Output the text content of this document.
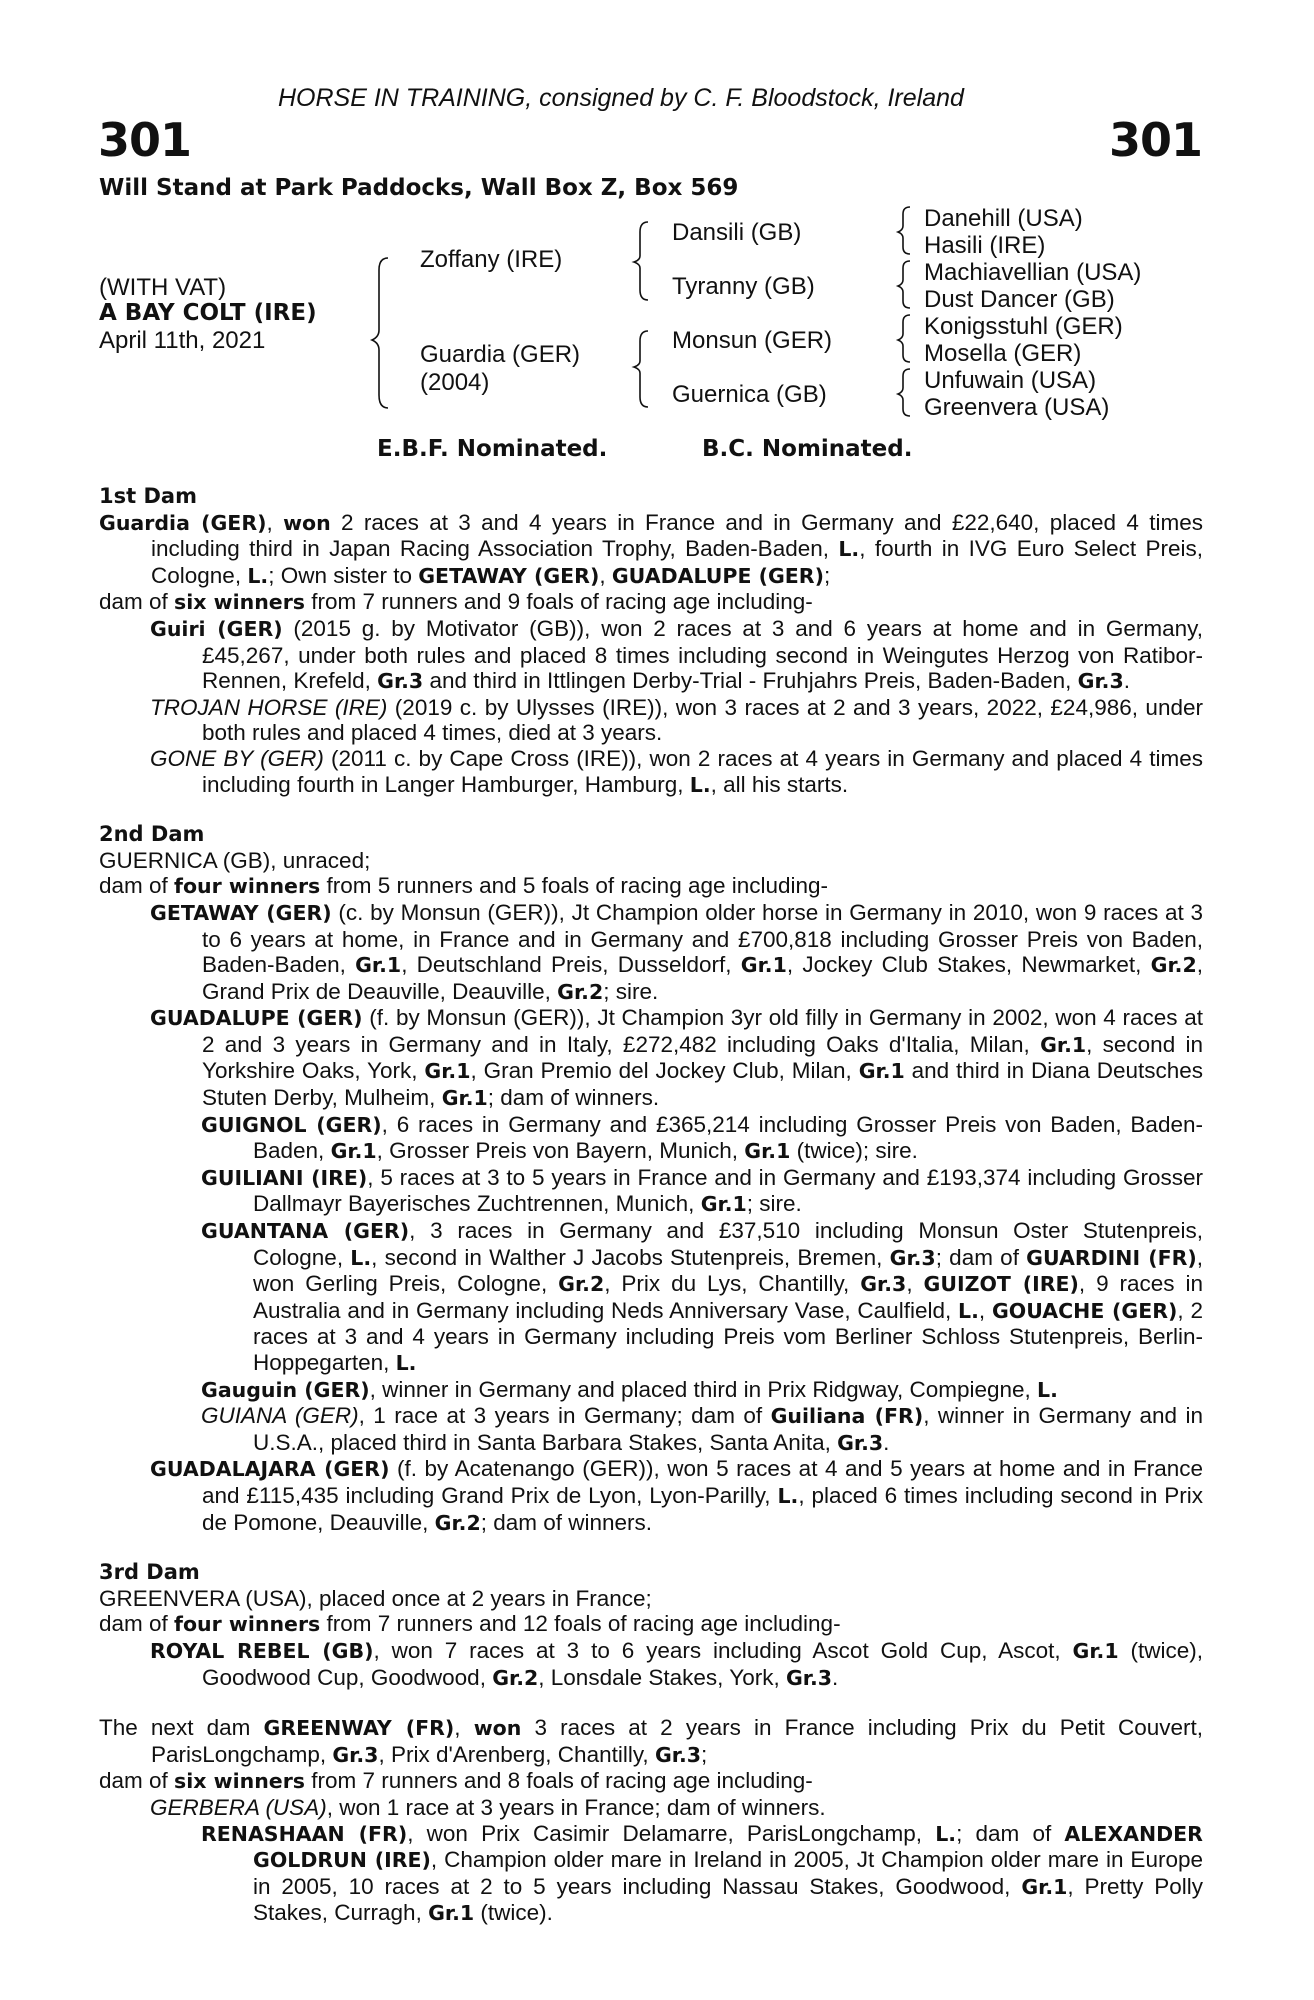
HORSE IN TRAINING, consigned by C. F. Bloodstock, Ireland
301	301
Will Stand at Park Paddocks, Wall Box Z, Box 569
(WITH VAT)
A BAY COLT (IRE)
April 11th, 2021
Zoffany (IRE)
Guardia (GER)
(2004)
Dansili (GB)
Tyranny (GB)
Monsun (GER)
Guernica (GB)
Danehill (USA)
Hasili (IRE)
Machiavellian (USA)
Dust Dancer (GB)
Konigsstuhl (GER)
Mosella (GER)
Unfuwain (USA)
Greenvera (USA)
E.B.F. Nominated.	B.C. Nominated.
1st Dam
Guardia (GER), won 2 races at 3 and 4 years in France and in Germany and £22,640, placed 4 times including third in Japan Racing Association Trophy, Baden-Baden, L., fourth in IVG Euro Select Preis, Cologne, L.; Own sister to GETAWAY (GER), GUADALUPE (GER);
dam of six winners from 7 runners and 9 foals of racing age including-
Guiri (GER) (2015 g. by Motivator (GB)), won 2 races at 3 and 6 years at home and in Germany, £45,267, under both rules and placed 8 times including second in Weingutes Herzog von Ratibor-Rennen, Krefeld, Gr.3 and third in Ittlingen Derby-Trial - Fruhjahrs Preis, Baden-Baden, Gr.3.
TROJAN HORSE (IRE) (2019 c. by Ulysses (IRE)), won 3 races at 2 and 3 years, 2022, £24,986, under both rules and placed 4 times, died at 3 years.
GONE BY (GER) (2011 c. by Cape Cross (IRE)), won 2 races at 4 years in Germany and placed 4 times including fourth in Langer Hamburger, Hamburg, L., all his starts.
2nd Dam
GUERNICA (GB), unraced;
dam of four winners from 5 runners and 5 foals of racing age including-
GETAWAY (GER) (c. by Monsun (GER)), Jt Champion older horse in Germany in 2010, won 9 races at 3 to 6 years at home, in France and in Germany and £700,818 including Grosser Preis von Baden, Baden-Baden, Gr.1, Deutschland Preis, Dusseldorf, Gr.1, Jockey Club Stakes, Newmarket, Gr.2, Grand Prix de Deauville, Deauville, Gr.2; sire.
GUADALUPE (GER) (f. by Monsun (GER)), Jt Champion 3yr old filly in Germany in 2002, won 4 races at 2 and 3 years in Germany and in Italy, £272,482 including Oaks d'Italia, Milan, Gr.1, second in Yorkshire Oaks, York, Gr.1, Gran Premio del Jockey Club, Milan, Gr.1 and third in Diana Deutsches Stuten Derby, Mulheim, Gr.1; dam of winners.
GUIGNOL (GER), 6 races in Germany and £365,214 including Grosser Preis von Baden, Baden-Baden, Gr.1, Grosser Preis von Bayern, Munich, Gr.1 (twice); sire.
GUILIANI (IRE), 5 races at 3 to 5 years in France and in Germany and £193,374 including Grosser Dallmayr Bayerisches Zuchtrennen, Munich, Gr.1; sire.
GUANTANA (GER), 3 races in Germany and £37,510 including Monsun Oster Stutenpreis, Cologne, L., second in Walther J Jacobs Stutenpreis, Bremen, Gr.3; dam of GUARDINI (FR), won Gerling Preis, Cologne, Gr.2, Prix du Lys, Chantilly, Gr.3, GUIZOT (IRE), 9 races in Australia and in Germany including Neds Anniversary Vase, Caulfield, L., GOUACHE (GER), 2 races at 3 and 4 years in Germany including Preis vom Berliner Schloss Stutenpreis, Berlin-Hoppegarten, L.
Gauguin (GER), winner in Germany and placed third in Prix Ridgway, Compiegne, L.
GUIANA (GER), 1 race at 3 years in Germany; dam of Guiliana (FR), winner in Germany and in U.S.A., placed third in Santa Barbara Stakes, Santa Anita, Gr.3.
GUADALAJARA (GER) (f. by Acatenango (GER)), won 5 races at 4 and 5 years at home and in France and £115,435 including Grand Prix de Lyon, Lyon-Parilly, L., placed 6 times including second in Prix de Pomone, Deauville, Gr.2; dam of winners.
3rd Dam
GREENVERA (USA), placed once at 2 years in France;
dam of four winners from 7 runners and 12 foals of racing age including-
ROYAL REBEL (GB), won 7 races at 3 to 6 years including Ascot Gold Cup, Ascot, Gr.1 (twice), Goodwood Cup, Goodwood, Gr.2, Lonsdale Stakes, York, Gr.3.
The next dam GREENWAY (FR), won 3 races at 2 years in France including Prix du Petit Couvert, ParisLongchamp, Gr.3, Prix d'Arenberg, Chantilly, Gr.3;
dam of six winners from 7 runners and 8 foals of racing age including-
GERBERA (USA), won 1 race at 3 years in France; dam of winners.
RENASHAAN (FR), won Prix Casimir Delamarre, ParisLongchamp, L.; dam of ALEXANDER GOLDRUN (IRE), Champion older mare in Ireland in 2005, Jt Champion older mare in Europe in 2005, 10 races at 2 to 5 years including Nassau Stakes, Goodwood, Gr.1, Pretty Polly Stakes, Curragh, Gr.1 (twice).
